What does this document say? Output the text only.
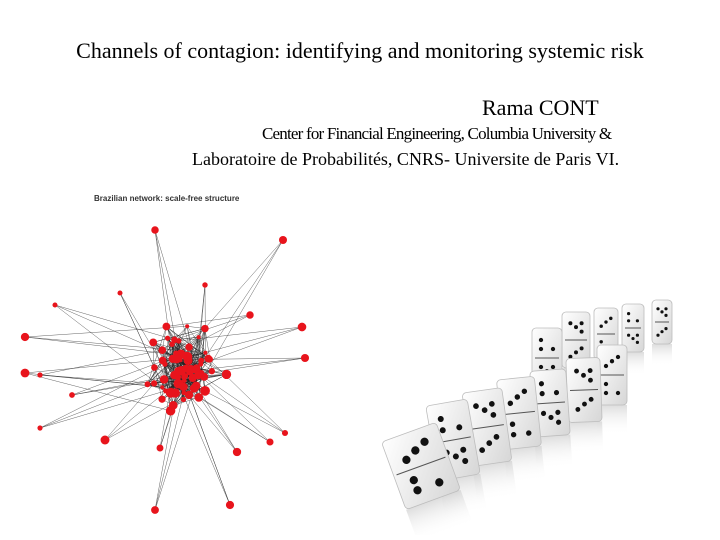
Channels of contagion: identifying and monitoring systemic risk
Rama CONT
Center for Financial Engineering, Columbia University &
Laboratoire de Probabilités, CNRS- Universite de Paris VI.
Brazilian network: scale-free structure
